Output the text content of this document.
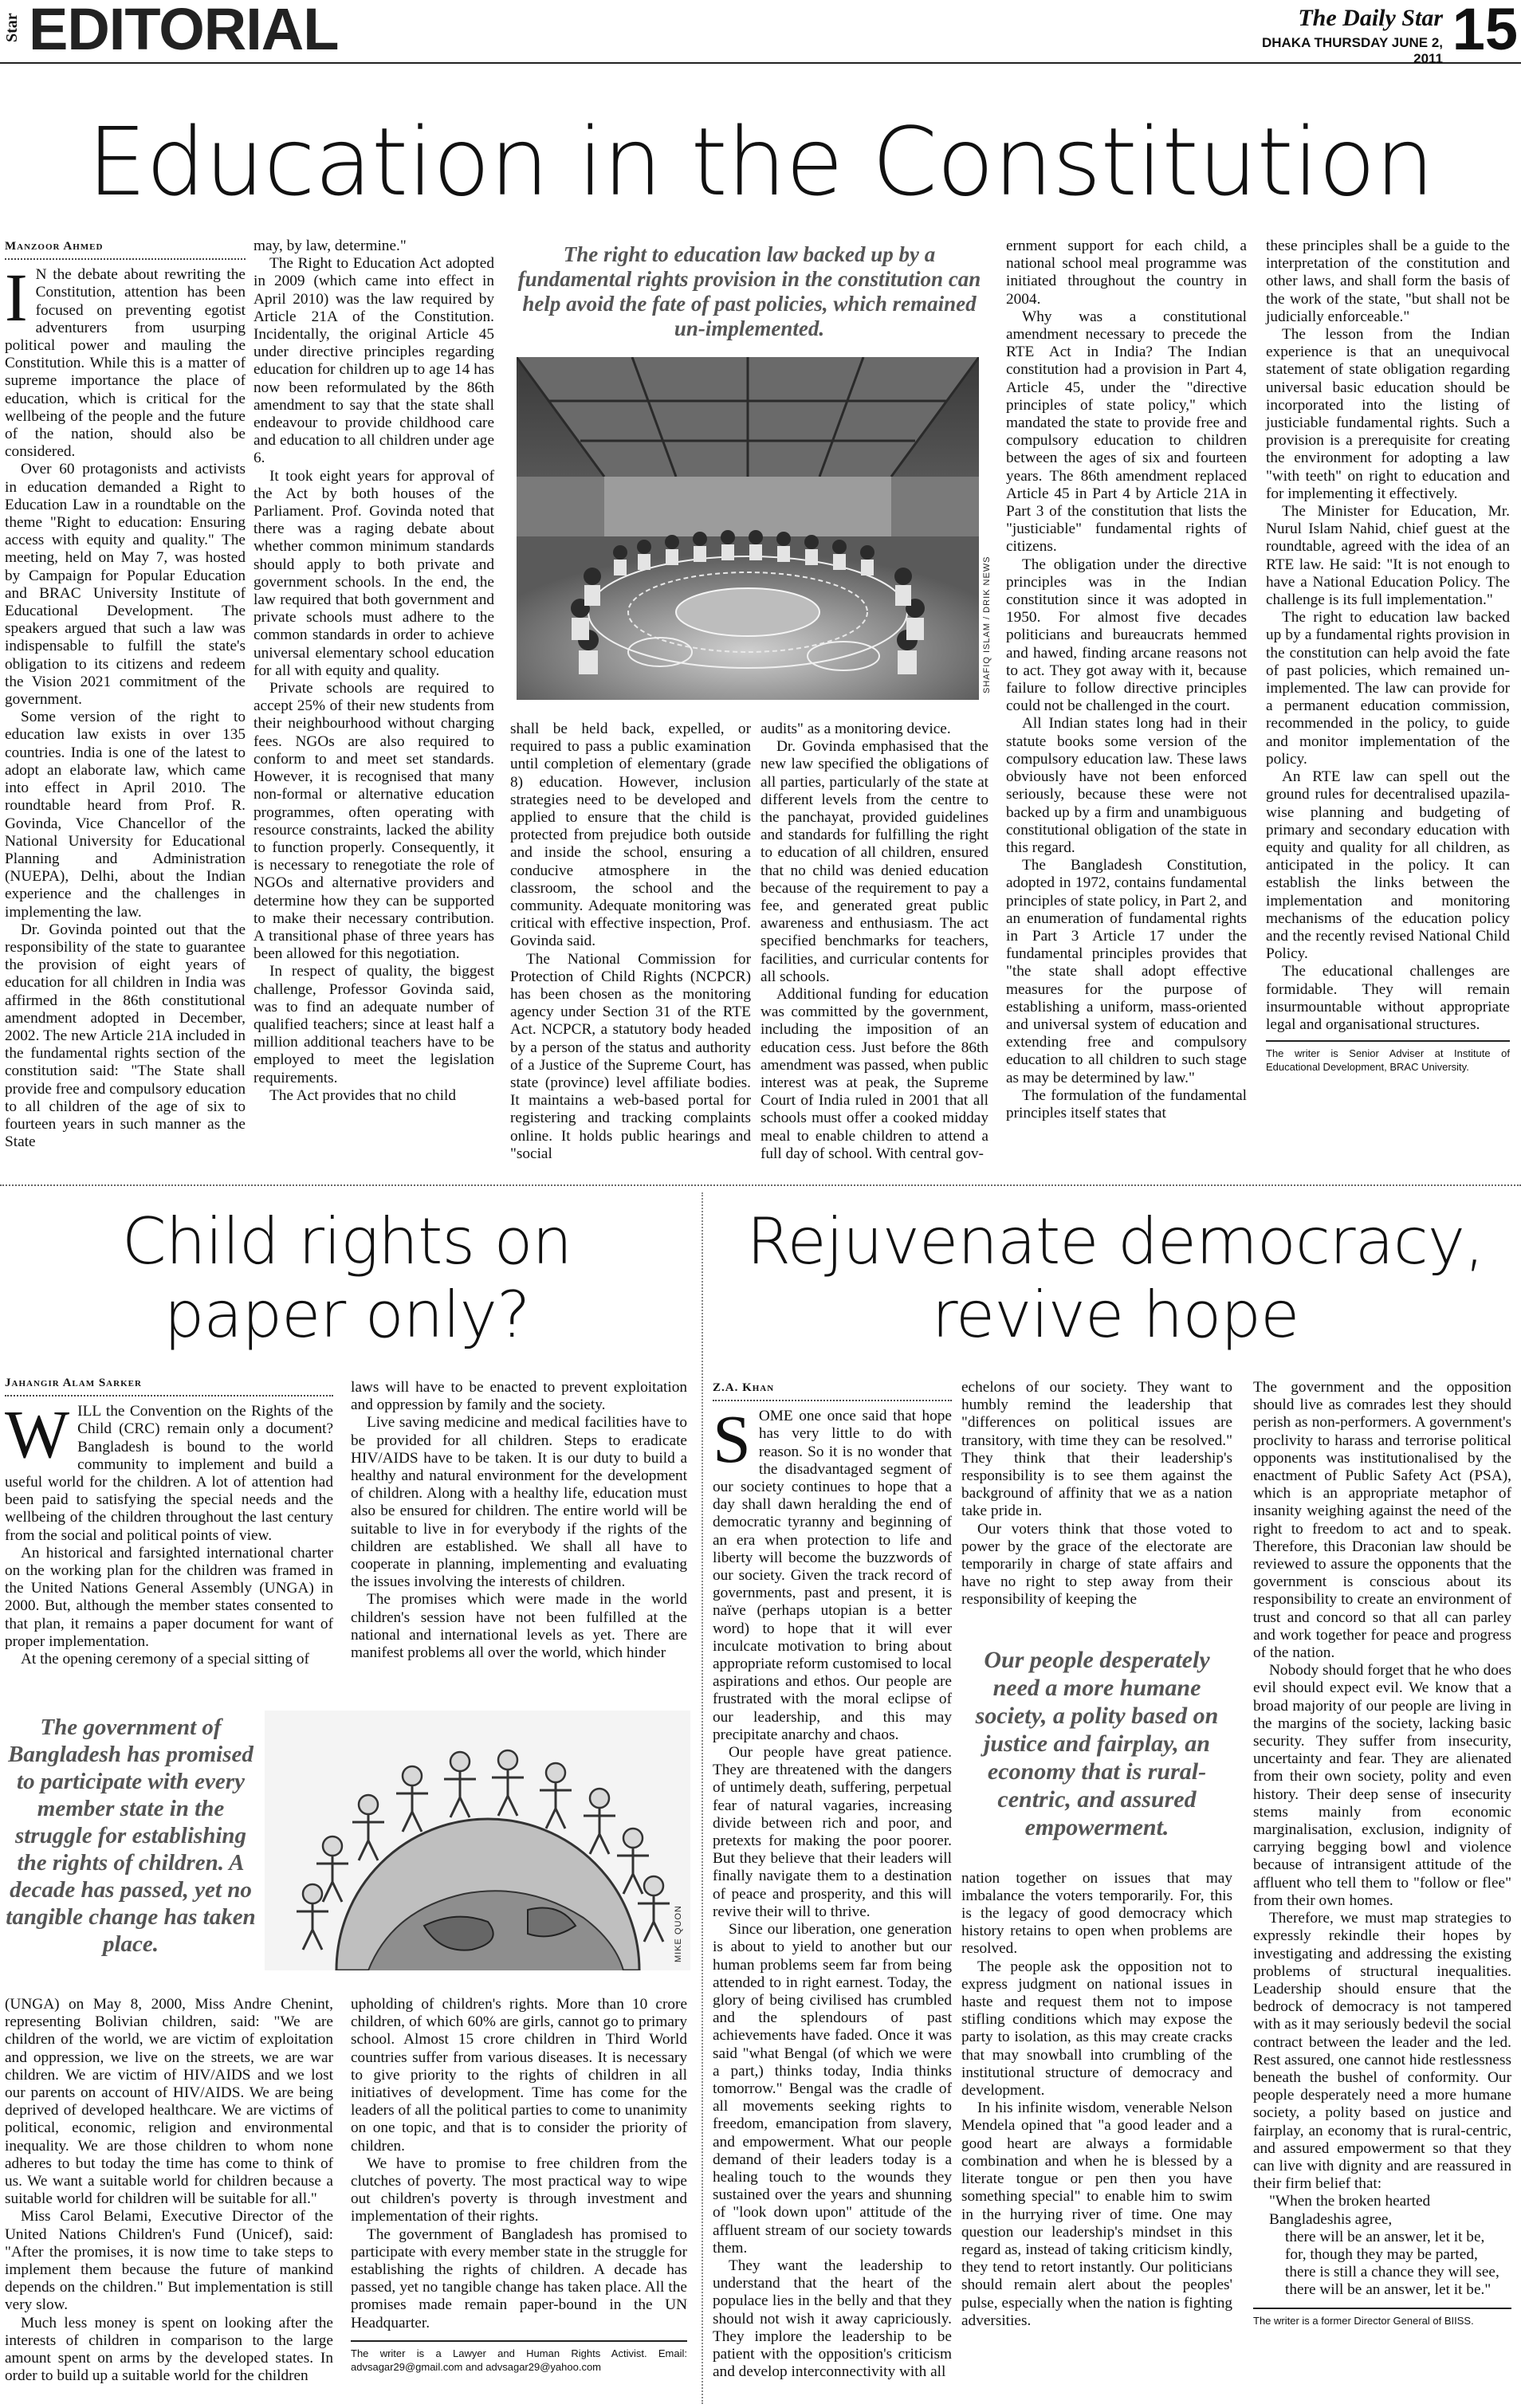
Star EDITORIAL	The Daily Star
DHAKA THURSDAY JUNE 2, 2011 15
Education in the Constitution
Manzoor Ahmed

I N the debate about rewriting the Constitution, attention has been focused on preventing egotist adventurers from usurping political power and mauling the Constitution. While this is a matter of supreme importance the place of education, which is critical for the wellbeing of the people and the future of the nation, should also be considered.

Over 60 protagonists and activists in education demanded a Right to Education Law in a roundtable on the theme "Right to education: Ensuring access with equity and quality." The meeting, held on May 7, was hosted by Campaign for Popular Education and BRAC University Institute of Educational Development. The speakers argued that such a law was indispensable to fulfill the state's obligation to its citizens and redeem the Vision 2021 commitment of the government.

Some version of the right to education law exists in over 135 countries. India is one of the latest to adopt an elaborate law, which came into effect in April 2010. The roundtable heard from Prof. R. Govinda, Vice Chancellor of the National University for Educational Planning and Administration (NUEPA), Delhi, about the Indian experience and the challenges in implementing the law.

Dr. Govinda pointed out that the responsibility of the state to guarantee the provision of eight years of education for all children in India was affirmed in the 86th constitutional amendment adopted in December, 2002. The new Article 21A included in the fundamental rights section of the constitution said: "The State shall provide free and compulsory education to all children of the age of six to fourteen years in such manner as the State

may, by law, determine."

The Right to Education Act adopted in 2009 (which came into effect in April 2010) was the law required by Article 21A of the Constitution. Incidentally, the original Article 45 under directive principles regarding education for children up to age 14 has now been reformulated by the 86th amendment to say that the state shall endeavour to provide childhood care and education to all children under age 6.

It took eight years for approval of the Act by both houses of the Parliament. Prof. Govinda noted that there was a raging debate about whether common minimum standards should apply to both private and government schools. In the end, the law required that both government and private schools must adhere to the common standards in order to achieve universal elementary school education for all with equity and quality.

Private schools are required to accept 25% of their new students from their neighbourhood without charging fees. NGOs are also required to conform to and meet set standards. However, it is recognised that many non-formal or alternative education programmes, often operating with resource constraints, lacked the ability to function properly. Consequently, it is necessary to renegotiate the role of NGOs and alternative providers and determine how they can be supported to make their necessary contribution. A transitional phase of three years has been allowed for this negotiation.

In respect of quality, the biggest challenge, Professor Govinda said, was to find an adequate number of qualified teachers; since at least half a million additional teachers have to be employed to meet the legislation requirements.

The Act provides that no child

The right to education law backed up by a fundamental rights provision in the constitution can help avoid the fate of past policies, which remained un-implemented.
SHAFIQ ISLAM / DRIK NEWS

shall be held back, expelled, or required to pass a public examination until completion of elementary (grade 8) education. However, inclusion strategies need to be developed and applied to ensure that the child is protected from prejudice both outside and inside the school, ensuring a conducive atmosphere in the classroom, the school and the community. Adequate monitoring was critical with effective inspection, Prof. Govinda said.

The National Commission for Protection of Child Rights (NCPCR) has been chosen as the monitoring agency under Section 31 of the RTE Act. NCPCR, a statutory body headed by a person of the status and authority of a Justice of the Supreme Court, has state (province) level affiliate bodies. It maintains a web-based portal for registering and tracking complaints online. It holds public hearings and "social

audits" as a monitoring device.

Dr. Govinda emphasised that the new law specified the obligations of all parties, particularly of the state at different levels from the centre to the panchayat, provided guidelines and standards for fulfilling the right to education of all children, ensured that no child was denied education because of the requirement to pay a fee, and generated great public awareness and enthusiasm. The act specified benchmarks for teachers, facilities, and curricular contents for all schools.

Additional funding for education was committed by the government, including the imposition of an education cess. Just before the 86th amendment was passed, when public interest was at peak, the Supreme Court of India ruled in 2001 that all schools must offer a cooked midday meal to enable children to attend a full day of school. With central gov-

ernment support for each child, a national school meal programme was initiated throughout the country in 2004.

Why was a constitutional amendment necessary to precede the RTE Act in India? The Indian constitution had a provision in Part 4, Article 45, under the "directive principles of state policy," which mandated the state to provide free and compulsory education to children between the ages of six and fourteen years. The 86th amendment replaced Article 45 in Part 4 by Article 21A in Part 3 of the constitution that lists the "justiciable" fundamental rights of citizens.

The obligation under the directive principles was in the Indian constitution since it was adopted in 1950. For almost five decades politicians and bureaucrats hemmed and hawed, finding arcane reasons not to act. They got away with it, because failure to follow directive principles could not be challenged in the court.

All Indian states long had in their statute books some version of the compulsory education law. These laws obviously have not been enforced seriously, because these were not backed up by a firm and unambiguous constitutional obligation of the state in this regard.

The Bangladesh Constitution, adopted in 1972, contains fundamental principles of state policy, in Part 2, and an enumeration of fundamental rights in Part 3 Article 17 under the fundamental principles provides that "the state shall adopt effective measures for the purpose of establishing a uniform, mass-oriented and universal system of education and extending free and compulsory education to all children to such stage as may be determined by law."

The formulation of the fundamental principles itself states that

these principles shall be a guide to the interpretation of the constitution and other laws, and shall form the basis of the work of the state, "but shall not be judicially enforceable."

The lesson from the Indian experience is that an unequivocal statement of state obligation regarding universal basic education should be incorporated into the listing of justiciable fundamental rights. Such a provision is a prerequisite for creating the environment for adopting a law "with teeth" on right to education and for implementing it effectively.

The Minister for Education, Mr. Nurul Islam Nahid, chief guest at the roundtable, agreed with the idea of an RTE law. He said: "It is not enough to have a National Education Policy. The challenge is its full implementation."

The right to education law backed up by a fundamental rights provision in the constitution can help avoid the fate of past policies, which remained un-implemented. The law can provide for a permanent education commission, recommended in the policy, to guide and monitor implementation of the policy.

An RTE law can spell out the ground rules for decentralised upazila-wise planning and budgeting of primary and secondary education with equity and quality for all children, as anticipated in the policy. It can establish the links between the implementation and monitoring mechanisms of the education policy and the recently revised National Child Policy.

The educational challenges are formidable. They will remain insurmountable without appropriate legal and organisational structures.

The writer is Senior Adviser at Institute of Educational Development, BRAC University.
Child rights on
paper only?
Jahangir Alam Sarker

WILL the Convention on the Rights of the Child (CRC) remain only a document? Bangladesh is bound to the world community to implement and build a useful world for the children. A lot of attention had been paid to satisfying the special needs and the wellbeing of the children throughout the last century from the social and political points of view.

An historical and farsighted international charter on the working plan for the children was framed in the United Nations General Assembly (UNGA) in 2000. But, although the member states consented to that plan, it remains a paper document for want of proper implementation.

At the opening ceremony of a special sitting of

laws will have to be enacted to prevent exploitation and oppression by family and the society.

Live saving medicine and medical facilities have to be provided for all children. Steps to eradicate HIV/AIDS have to be taken. It is our duty to build a healthy and natural environment for the development of children. Along with a healthy life, education must also be ensured for children. The entire world will be suitable to live in for everybody if the rights of the children are established. We shall all have to cooperate in planning, implementing and evaluating the issues involving the interests of children.

The promises which were made in the world children's session have not been fulfilled at the national and international levels as yet. There are manifest problems all over the world, which hinder

The government of Bangladesh has promised to participate with every member state in the struggle for establishing the rights of children. A decade has passed, yet no tangible change has taken place.	MIKE QUON

(UNGA) on May 8, 2000, Miss Andre Chenint, representing Bolivian children, said: "We are children of the world, we are victim of exploitation and oppression, we live on the streets, we are war children. We are victim of HIV/AIDS and we lost our parents on account of HIV/AIDS. We are being deprived of developed healthcare. We are victims of political, economic, religion and environmental inequality. We are those children to whom none adheres to but today the time has come to think of us. We want a suitable world for children because a suitable world for children will be suitable for all."

Miss Carol Belami, Executive Director of the United Nations Children's Fund (Unicef), said: "After the promises, it is now time to take steps to implement them because the future of mankind depends on the children." But implementation is still very slow.

Much less money is spent on looking after the interests of children in comparison to the large amount spent on arms by the developed states. In order to build up a suitable world for the children

upholding of children's rights. More than 10 crore children, of which 60% are girls, cannot go to primary school. Almost 15 crore children in Third World countries suffer from various diseases. It is necessary to give priority to the rights of children in all initiatives of development. Time has come for the leaders of all the political parties to come to unanimity on one topic, and that is to consider the priority of children.

We have to promise to free children from the clutches of poverty. The most practical way to wipe out children's poverty is through investment and implementation of their rights.

The government of Bangladesh has promised to participate with every member state in the struggle for establishing the rights of children. A decade has passed, yet no tangible change has taken place. All the promises made remain paper-bound in the UN Headquarter.

The writer is a Lawyer and Human Rights Activist. Email: advsagar29@gmail.com and advsagar29@yahoo.com
Rejuvenate democracy,
revive hope
Z.A. Khan

SOME one once said that hope has very little to do with reason. So it is no wonder that the disadvantaged segment of our society continues to hope that a day shall dawn heralding the end of democratic tyranny and beginning of an era when protection to life and liberty will become the buzzwords of our society. Given the track record of governments, past and present, it is naïve (perhaps utopian is a better word) to hope that it will ever inculcate motivation to bring about appropriate reform customised to local aspirations and ethos. Our people are frustrated with the moral eclipse of our leadership, and this may precipitate anarchy and chaos.

Our people have great patience. They are threatened with the dangers of untimely death, suffering, perpetual fear of natural vagaries, increasing divide between rich and poor, and pretexts for making the poor poorer. But they believe that their leaders will finally navigate them to a destination of peace and prosperity, and this will revive their will to thrive.

Since our liberation, one generation is about to yield to another but our human problems seem far from being attended to in right earnest. Today, the glory of being civilised has crumbled and the splendours of past achievements have faded. Once it was said "what Bengal (of which we were a part,) thinks today, India thinks tomorrow." Bengal was the cradle of all movements seeking rights to freedom, emancipation from slavery, and empowerment. What our people demand of their leaders today is a healing touch to the wounds they sustained over the years and shunning of "look down upon" attitude of the affluent stream of our society towards them.

They want the leadership to understand that the heart of the populace lies in the belly and that they should not wish it away capriciously. They implore the leadership to be patient with the opposition's criticism and develop interconnectivity with all

echelons of our society. They want to humbly remind the leadership that "differences on political issues are transitory, with time they can be resolved." They think that their leadership's responsibility is to see them against the background of affinity that we as a nation take pride in.

Our voters think that those voted to power by the grace of the electorate are temporarily in charge of state affairs and have no right to step away from their responsibility of keeping the

Our people desperately need a more humane society, a polity based on justice and fairplay, an economy that is rural-centric, and assured empowerment.

nation together on issues that may imbalance the voters temporarily. For, this is the legacy of good democracy which history retains to open when problems are resolved.

The people ask the opposition not to express judgment on national issues in haste and request them not to impose stifling conditions which may expose the party to isolation, as this may create cracks that may snowball into crumbling of the institutional structure of democracy and development.

In his infinite wisdom, venerable Nelson Mendela opined that "a good leader and a good heart are always a formidable combination and when he is blessed by a literate tongue or pen then you have something special" to enable him to swim in the hurrying river of time. One may question our leadership's mindset in this regard as, instead of taking criticism kindly, they tend to retort instantly. Our politicians should remain alert about the peoples' pulse, especially when the nation is fighting adversities.

The government and the opposition should live as comrades lest they should perish as non-performers. A government's proclivity to harass and terrorise political opponents was institutionalised by the enactment of Public Safety Act (PSA), which is an appropriate metaphor of insanity weighing against the need of the right to freedom to act and to speak. Therefore, this Draconian law should be reviewed to assure the opponents that the government is conscious about its responsibility to create an environment of trust and concord so that all can parley and work together for peace and progress of the nation.

Nobody should forget that he who does evil should expect evil. We know that a broad majority of our people are living in the margins of the society, lacking basic security. They suffer from insecurity, uncertainty and fear. They are alienated from their own society, polity and even history. Their deep sense of insecurity stems mainly from economic marginalisation, exclusion, indignity of carrying begging bowl and violence because of intransigent attitude of the affluent who tell them to "follow or flee" from their own homes.

Therefore, we must map strategies to expressly rekindle their hopes by investigating and addressing the existing problems of structural inequalities. Leadership should ensure that the bedrock of democracy is not tampered with as it may seriously bedevil the social contract between the leader and the led. Rest assured, one cannot hide restlessness beneath the bushel of conformity. Our people desperately need a more humane society, a polity based on justice and fairplay, an economy that is rural-centric, and assured empowerment so that they can live with dignity and are reassured in their firm belief that:

"When the broken hearted Bangladeshis agree,
there will be an answer, let it be,
for, though they may be parted,
there is still a chance they will see,
there will be an answer, let it be."
The writer is a former Director General of BIISS.
